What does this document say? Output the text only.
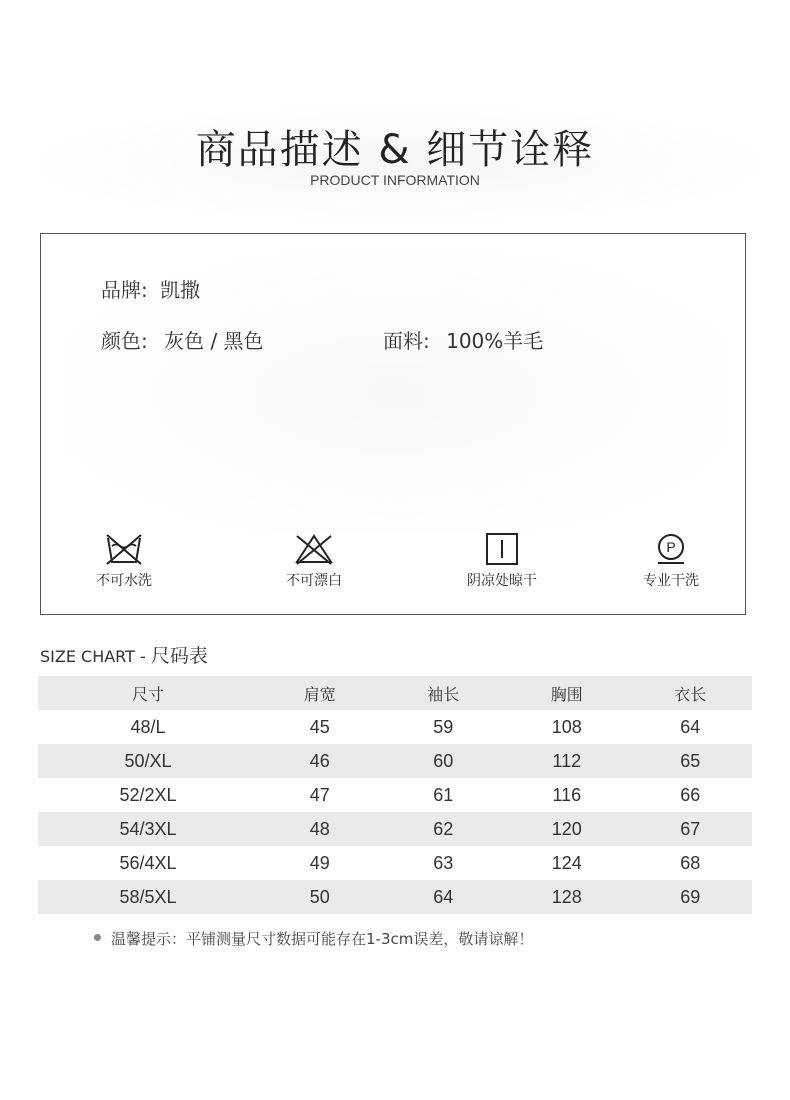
商品描述 & 细节诠释
PRODUCT INFORMATION
品牌: 凯撒
颜色: 灰色 / 黑色	面料: 100%羊毛
不可水洗	不可漂白	阴凉处晾干
P
专业干洗
SIZE CHART - 尺码表
尺寸	肩宽	袖长	胸围	衣长
48/L	45	59	108	64
50/XL	46	60	112	65
52/2XL	47	61	116	66
54/3XL	48	62	120	67
56/4XL	49	63	124	68
58/5XL	50	64	128	69
温馨提示：平铺测量尺寸数据可能存在1-3cm误差，敬请谅解！
